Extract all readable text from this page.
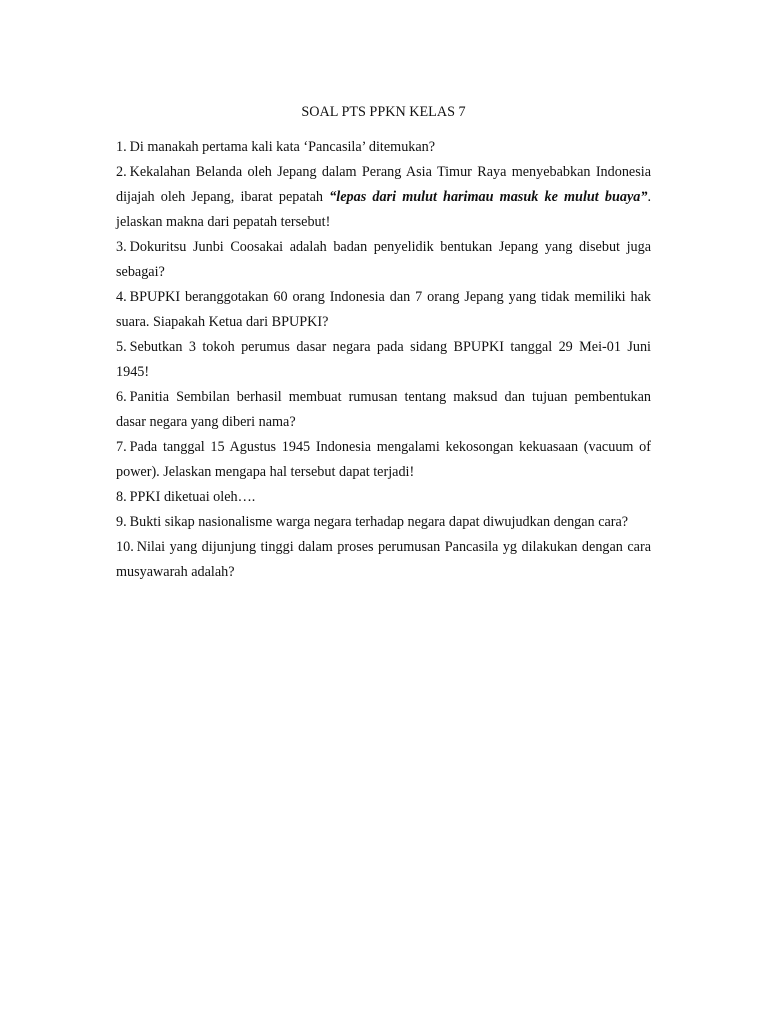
SOAL PTS PPKN KELAS 7

1. Di manakah pertama kali kata ‘Pancasila’ ditemukan?

2. Kekalahan Belanda oleh Jepang dalam Perang Asia Timur Raya menyebabkan Indonesia dijajah oleh Jepang, ibarat pepatah “lepas dari mulut harimau masuk ke mulut buaya”. jelaskan makna dari pepatah tersebut!

3. Dokuritsu Junbi Coosakai adalah badan penyelidik bentukan Jepang yang disebut juga sebagai?

4. BPUPKI beranggotakan 60 orang Indonesia dan 7 orang Jepang yang tidak memiliki hak suara. Siapakah Ketua dari BPUPKI?

5. Sebutkan 3 tokoh perumus dasar negara pada sidang BPUPKI tanggal 29 Mei-01 Juni 1945!

6. Panitia Sembilan berhasil membuat rumusan tentang maksud dan tujuan pembentukan dasar negara yang diberi nama?

7. Pada tanggal 15 Agustus 1945 Indonesia mengalami kekosongan kekuasaan (vacuum of power). Jelaskan mengapa hal tersebut dapat terjadi!

8. PPKI diketuai oleh….

9. Bukti sikap nasionalisme warga negara terhadap negara dapat diwujudkan dengan cara?

10. Nilai yang dijunjung tinggi dalam proses perumusan Pancasila yg dilakukan dengan cara musyawarah adalah?
